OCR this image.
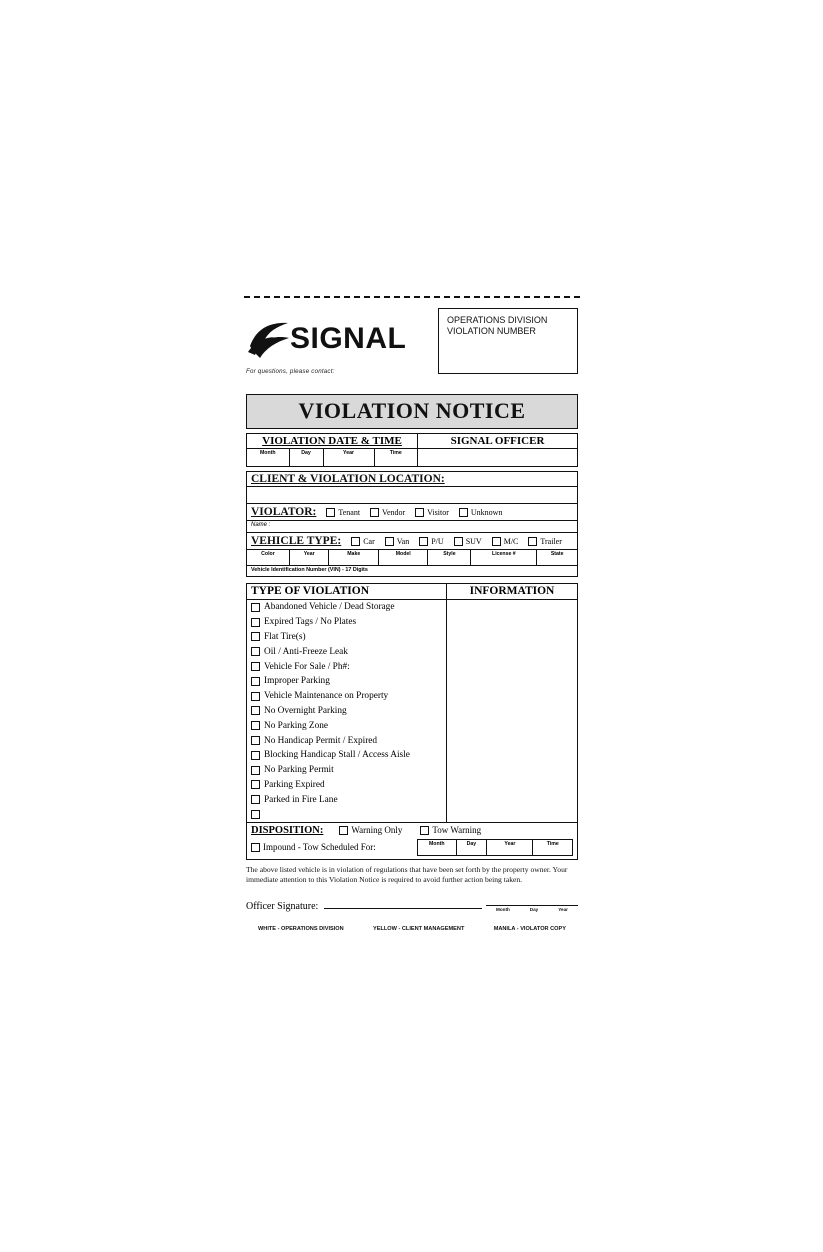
SIGNAL
For questions, please contact:
OPERATIONS DIVISION
VIOLATION NUMBER
VIOLATION NOTICE
VIOLATION DATE & TIME
Month	Day	Year	Time
SIGNAL OFFICER
CLIENT & VIOLATION LOCATION:
VIOLATOR:	Tenant	Vendor	Visitor	Unknown
Name :
VEHICLE TYPE:	Car	Van	P/U	SUV	M/C	Trailer
Color	Year	Make	Model	Style	License #	State
Vehicle Identification Number (VIN) - 17 Digits
TYPE OF VIOLATION	INFORMATION
Abandoned Vehicle / Dead Storage
Expired Tags / No Plates
Flat Tire(s)
Oil / Anti-Freeze Leak
Vehicle For Sale / Ph#:
Improper Parking
Vehicle Maintenance on Property
No Overnight Parking
No Parking Zone
No Handicap Permit / Expired
Blocking Handicap Stall / Access Aisle
No Parking Permit
Parking Expired
Parked in Fire Lane
DISPOSITION:	Warning Only	Tow Warning
Impound - Tow Scheduled For:	Month	Day	Year	Time
The above listed vehicle is in violation of regulations that have been set forth by the property owner. Your immediate attention to this Violation Notice is required to avoid further action being taken.
Officer Signature:	Month	Day	Year
WHITE - OPERATIONS DIVISION	YELLOW - CLIENT MANAGEMENT	MANILA - VIOLATOR COPY
